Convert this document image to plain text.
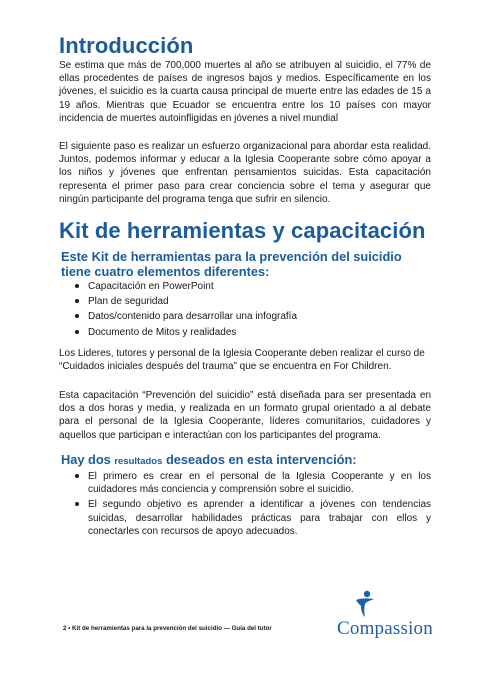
Introducción

Se estima que más de 700,000 muertes al año se atribuyen al suicidio, el 77% de ellas procedentes de países de ingresos bajos y medios. Específicamente en los jóvenes, el suicidio es la cuarta causa principal de muerte entre las edades de 15 a 19 años. Mientras que Ecuador se encuentra entre los 10 países con mayor incidencia de muertes autoinfligidas en jóvenes a nivel mundial

El siguiente paso es realizar un esfuerzo organizacional para abordar esta realidad. Juntos, podemos informar y educar a la Iglesia Cooperante sobre cómo apoyar a los niños y jóvenes que enfrentan pensamientos suicidas. Esta capacitación representa el primer paso para crear conciencia sobre el tema y asegurar que ningún participante del programa tenga que sufrir en silencio.

Kit de herramientas y capacitación

Este Kit de herramientas para la prevención del suicidio tiene cuatro elementos diferentes:

Capacitación en PowerPoint
Plan de seguridad
Datos/contenido para desarrollar una infografía
Documento de Mitos y realidades

Los Lideres, tutores y personal de la Iglesia Cooperante deben realizar el curso de “Cuidados iniciales después del trauma” que se encuentra en For Children.

Esta capacitación “Prevención del suicidio” está diseñada para ser presentada en dos a dos horas y media, y realizada en un formato grupal orientado a al debate para el personal de la Iglesia Cooperante, líderes comunitarios, cuidadores y aquellos que participan e interactúan con los participantes del programa.

Hay dos resultados deseados en esta intervención:

El primero es crear en el personal de la Iglesia Cooperante y en los cuidadores más conciencia y comprensión sobre el suicidio.
El segundo objetivo es aprender a identificar a jóvenes con tendencias suicidas, desarrollar habilidades prácticas para trabajar con ellos y conectarles con recursos de apoyo adecuados.
2 • Kit de herramientas para la prevención del suicidio — Guía del tutor	Compassion
